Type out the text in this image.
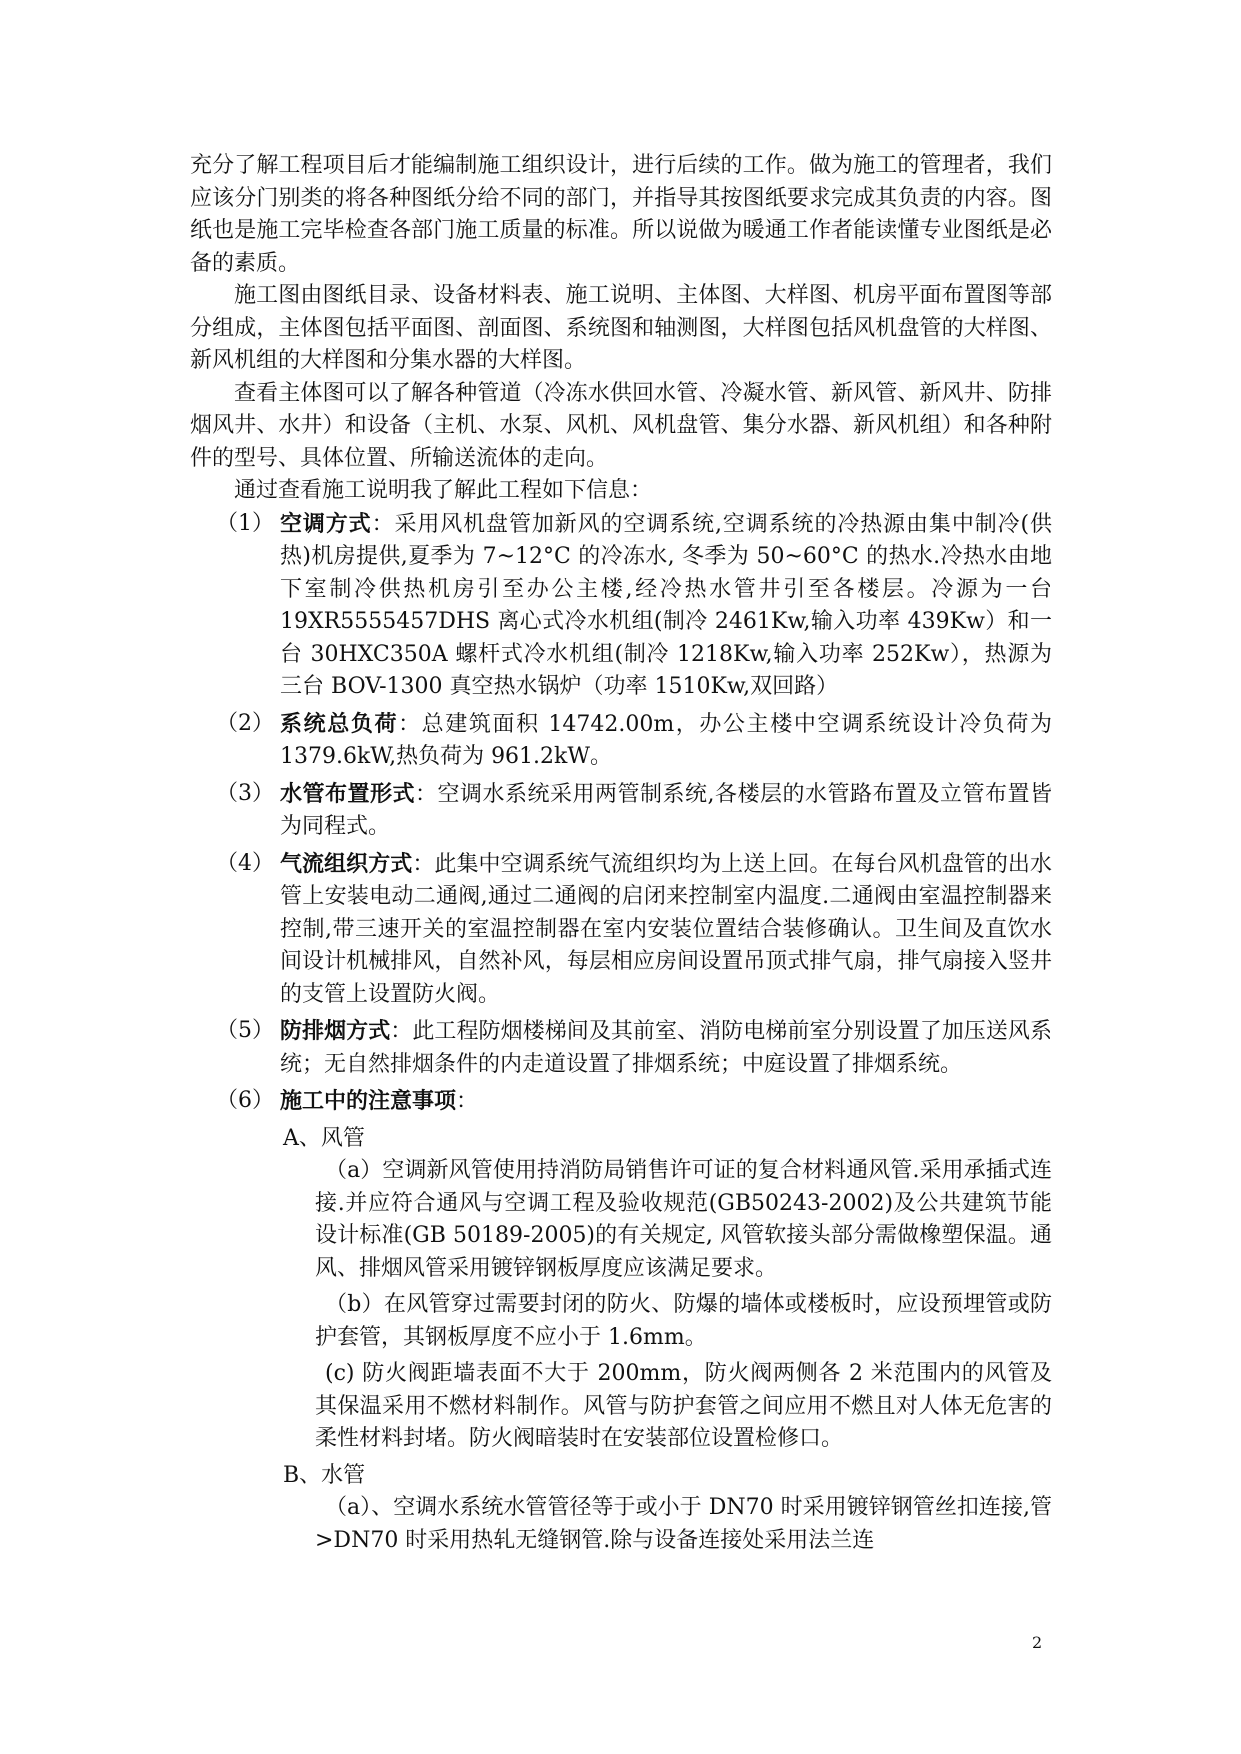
充分了解工程项目后才能编制施工组织设计，进行后续的工作。做为施工的管理者，我们应该分门别类的将各种图纸分给不同的部门，并指导其按图纸要求完成其负责的内容。图纸也是施工完毕检查各部门施工质量的标准。所以说做为暖通工作者能读懂专业图纸是必备的素质。

施工图由图纸目录、设备材料表、施工说明、主体图、大样图、机房平面布置图等部分组成，主体图包括平面图、剖面图、系统图和轴测图，大样图包括风机盘管的大样图、新风机组的大样图和分集水器的大样图。

查看主体图可以了解各种管道（冷冻水供回水管、冷凝水管、新风管、新风井、防排烟风井、水井）和设备（主机、水泵、风机、风机盘管、集分水器、新风机组）和各种附件的型号、具体位置、所输送流体的走向。

通过查看施工说明我了解此工程如下信息：

（1） 空调方式：采用风机盘管加新风的空调系统,空调系统的冷热源由集中制冷(供热)机房提供,夏季为 7~12°C 的冷冻水, 冬季为 50~60°C 的热水.冷热水由地下室制冷供热机房引至办公主楼,经冷热水管井引至各楼层。冷源为一台 19XR5555457DHS 离心式冷水机组(制冷 2461Kw,输入功率 439Kw）和一台 30HXC350A 螺杆式冷水机组(制冷 1218Kw,输入功率 252Kw），热源为三台 BOV-1300 真空热水锅炉（功率 1510Kw,双回路）
（2） 系统总负荷：总建筑面积 14742.00m，办公主楼中空调系统设计冷负荷为 1379.6kW,热负荷为 961.2kW。
（3） 水管布置形式：空调水系统采用两管制系统,各楼层的水管路布置及立管布置皆为同程式。
（4） 气流组织方式：此集中空调系统气流组织均为上送上回。在每台风机盘管的出水管上安装电动二通阀,通过二通阀的启闭来控制室内温度.二通阀由室温控制器来控制,带三速开关的室温控制器在室内安装位置结合装修确认。卫生间及直饮水间设计机械排风，自然补风，每层相应房间设置吊顶式排气扇，排气扇接入竖井的支管上设置防火阀。
（5） 防排烟方式：此工程防烟楼梯间及其前室、消防电梯前室分别设置了加压送风系统；无自然排烟条件的内走道设置了排烟系统；中庭设置了排烟系统。
（6） 施工中的注意事项：
A、风管

（a）空调新风管使用持消防局销售许可证的复合材料通风管.采用承插式连接.并应符合通风与空调工程及验收规范(GB50243-2002)及公共建筑节能设计标准(GB 50189-2005)的有关规定, 风管软接头部分需做橡塑保温。通风、排烟风管采用镀锌钢板厚度应该满足要求。

（b）在风管穿过需要封闭的防火、防爆的墙体或楼板时，应设预埋管或防护套管，其钢板厚度不应小于 1.6mm。

(c) 防火阀距墙表面不大于 200mm，防火阀两侧各 2 米范围内的风管及其保温采用不燃材料制作。风管与防护套管之间应用不燃且对人体无危害的柔性材料封堵。防火阀暗装时在安装部位设置检修口。

B、水管

（a）、空调水系统水管管径等于或小于 DN70 时采用镀锌钢管丝扣连接,管>DN70 时采用热轧无缝钢管.除与设备连接处采用法兰连

2
